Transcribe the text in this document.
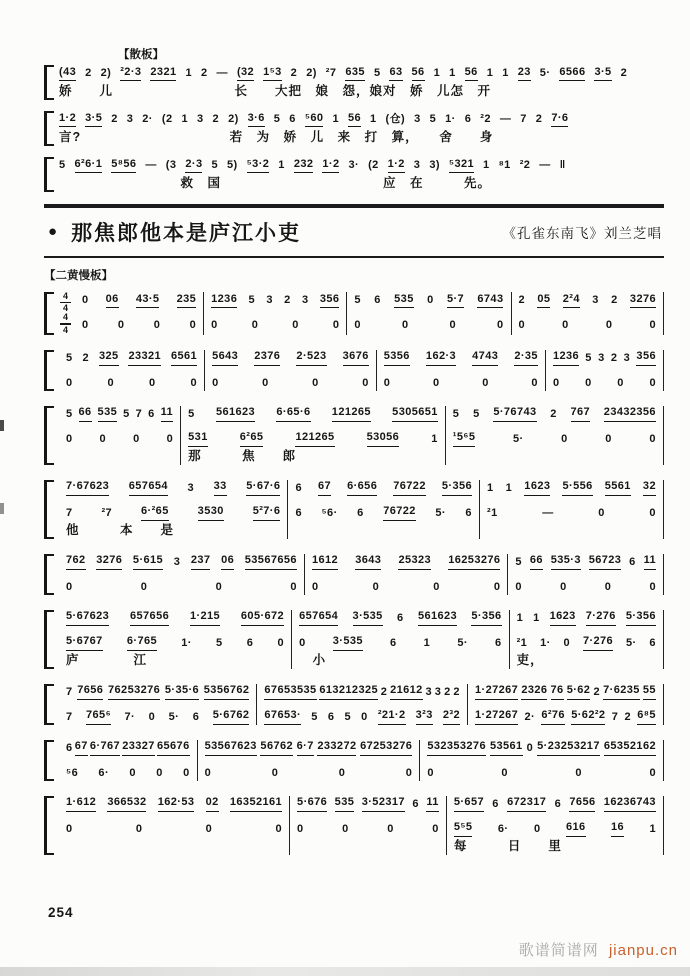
【散板】
(43 2 2) ²2·3 2321 1 2 — (32 1⁵3 2 2) ²7 635 5 63 56 1 1 56 1 1 23 5· 6566 3·5 2
娇　　儿　　　　　　　　　长　　大把　娘　怨，娘对　娇　儿怎　开
1·2 3·5 2 3 2· (2 1 3 2 2) 3·6 5 6 ⁵60 1 56 1 (仓) 3 5 1· 6 ²2 — 7 2 7·6
言?　　　　　　　　　　　若　为　娇　儿　来　打　算，　　舍　　身
5 6²6·1 5⁸56 — (3 2·3 5 5) ⁵3·2 1 232 1·2 3· (2 1·2 3 3) ⁵321 1 ⁸1 ²2 — ‖
　　　　　　　　　救　国　　　　　　　　　　　　应　在　　　先。
● 那焦郎他本是庐江小吏	《孔雀东南飞》刘兰芝唱
【二黄慢板】
$\frac{4}{4}$
$\frac{4}{4}$
0 06 43·5 235
0	0	0	0
1236 5 3 2 3 356
0	0	0	0
5 6 535 0 5·7 6743
0	0	0	0
2 05 2²4 3 2 3276
0	0	0	0
5 2 325 23321 6561
0	0	0	0
5643 2376 2·523 3676
0	0	0	0
5356 162·3 4743 2·35
0	0	0	0
1236 5 3 2 3 356
0 0 0 0
5 66 535 5 7 6 11
0 0 0 0
5 561623 6·65·6 121265 5305651
531	6²65	121265	53056	1
那　　　焦　　郎
5 5 5·76743 2 767 23432356
¹5⁶5	5·	0	0	0
7·67623 657654 3 33 5·67·6
7	²7	6·²65	3530	5²7·6
他　　　本　　是
6 67 6·656 76722 5·356
6 ⁵6· 6 76722 5· 6
1 1 1623 5·556 5561 32
²1	—	0	0
762 3276 5·615 3 237 06 53567656
0	0	0	0
1612 3643 25323 16253276
0	0	0	0
5 66 535·3 56723 6 11
0	0	0	0
5·67623 657656 1·215 605·672
5·6767 6·765 1· 5 6 0
庐　　　　江
657654 3·535 6 561623 5·356
0 3·535 6 1 5· 6
　小
1 1 1623 7·276 5·356
²1 1· 0 7·276 5· 6
吏，
7 7656 76253276 5·35·6 5356762
7 765⁶ 7· 0 5· 6 5·6762
67653535 613212325 2 21612 3 3 2 2
67653· 5 6 5 0 ²21·2 3²3 2³2
1·27267 2326 76 5·62 2 7·6235 55
1·27267 2· 6²76 5·62²2 7 2 6⁸5
6 67 6·767 23327 65676
⁵6 6· 0 0 0
53567623 56762 6·7 233272 67253276
0	0	0	0
532353276 53561 0 5·23253217 65352162
0	0	0	0
1·612 366532 162·53 02 16352161
0	0	0	0
5·676 535 3·52317 6 11
0	0	0	0
5·657 6 672317 6 7656 16236743
5⁵5 6· 0 616 16 1
每　　　日　　里
254
歌谱简谱网 jianpu.cn
